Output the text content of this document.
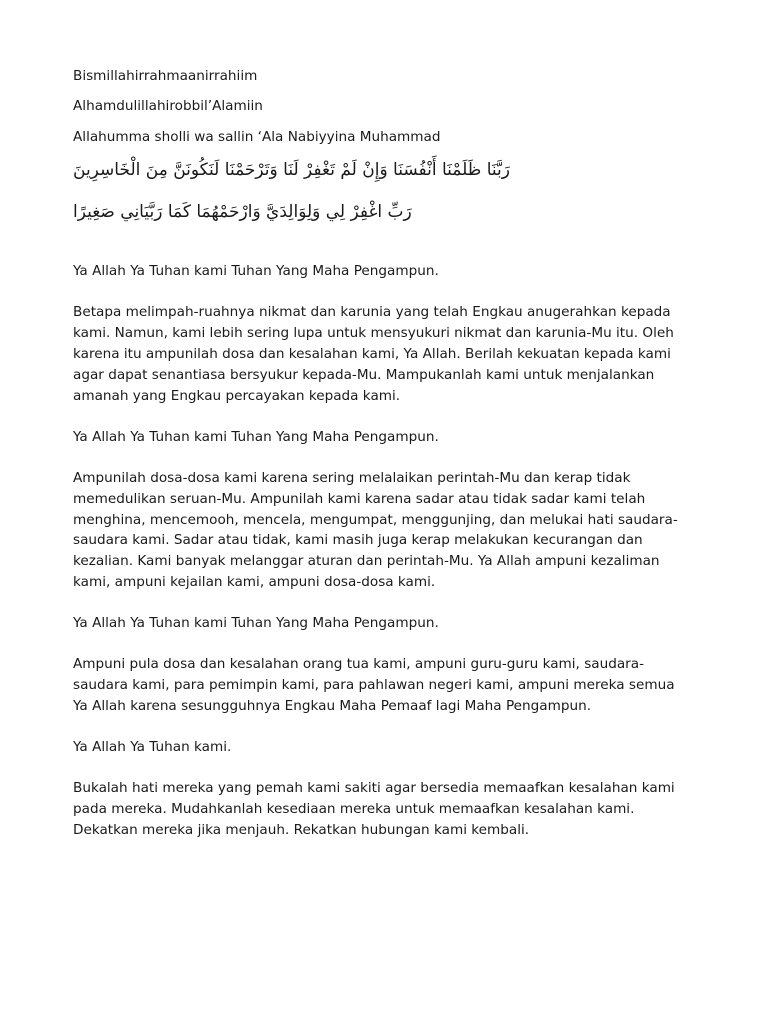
Bismillahirrahmaanirrahiim

Alhamdulillahirobbil’Alamiin

Allahumma sholli wa sallin ‘Ala Nabiyyina Muhammad

رَبَّنَا ظَلَمْنَا أَنْفُسَنَا وَإِنْ لَمْ تَغْفِرْ لَنَا وَتَرْحَمْنَا لَنَكُونَنَّ مِنَ الْخَاسِرِينَ

رَبِّ اغْفِرْ لِي وَلِوَالِدَيَّ وَارْحَمْهُمَا كَمَا رَبَّيَانِي صَغِيرًا

Ya Allah Ya Tuhan kami Tuhan Yang Maha Pengampun.

Betapa melimpah-ruahnya nikmat dan karunia yang telah Engkau anugerahkan kepada kami. Namun, kami lebih sering lupa untuk mensyukuri nikmat dan karunia-Mu itu. Oleh karena itu ampunilah dosa dan kesalahan kami, Ya Allah. Berilah kekuatan kepada kami agar dapat senantiasa bersyukur kepada-Mu. Mampukanlah kami untuk menjalankan amanah yang Engkau percayakan kepada kami.

Ya Allah Ya Tuhan kami Tuhan Yang Maha Pengampun.

Ampunilah dosa-dosa kami karena sering melalaikan perintah-Mu dan kerap tidak memedulikan seruan-Mu. Ampunilah kami karena sadar atau tidak sadar kami telah menghina, mencemooh, mencela, mengumpat, menggunjing, dan melukai hati saudara-saudara kami. Sadar atau tidak, kami masih juga kerap melakukan kecurangan dan kezalian. Kami banyak melanggar aturan dan perintah-Mu. Ya Allah ampuni kezaliman kami, ampuni kejailan kami, ampuni dosa-dosa kami.

Ya Allah Ya Tuhan kami Tuhan Yang Maha Pengampun.

Ampuni pula dosa dan kesalahan orang tua kami, ampuni guru-guru kami, saudara-saudara kami, para pemimpin kami, para pahlawan negeri kami, ampuni mereka semua Ya Allah karena sesungguhnya Engkau Maha Pemaaf lagi Maha Pengampun.

Ya Allah Ya Tuhan kami.

Bukalah hati mereka yang pemah kami sakiti agar bersedia memaafkan kesalahan kami pada mereka. Mudahkanlah kesediaan mereka untuk memaafkan kesalahan kami. Dekatkan mereka jika menjauh. Rekatkan hubungan kami kembali.
